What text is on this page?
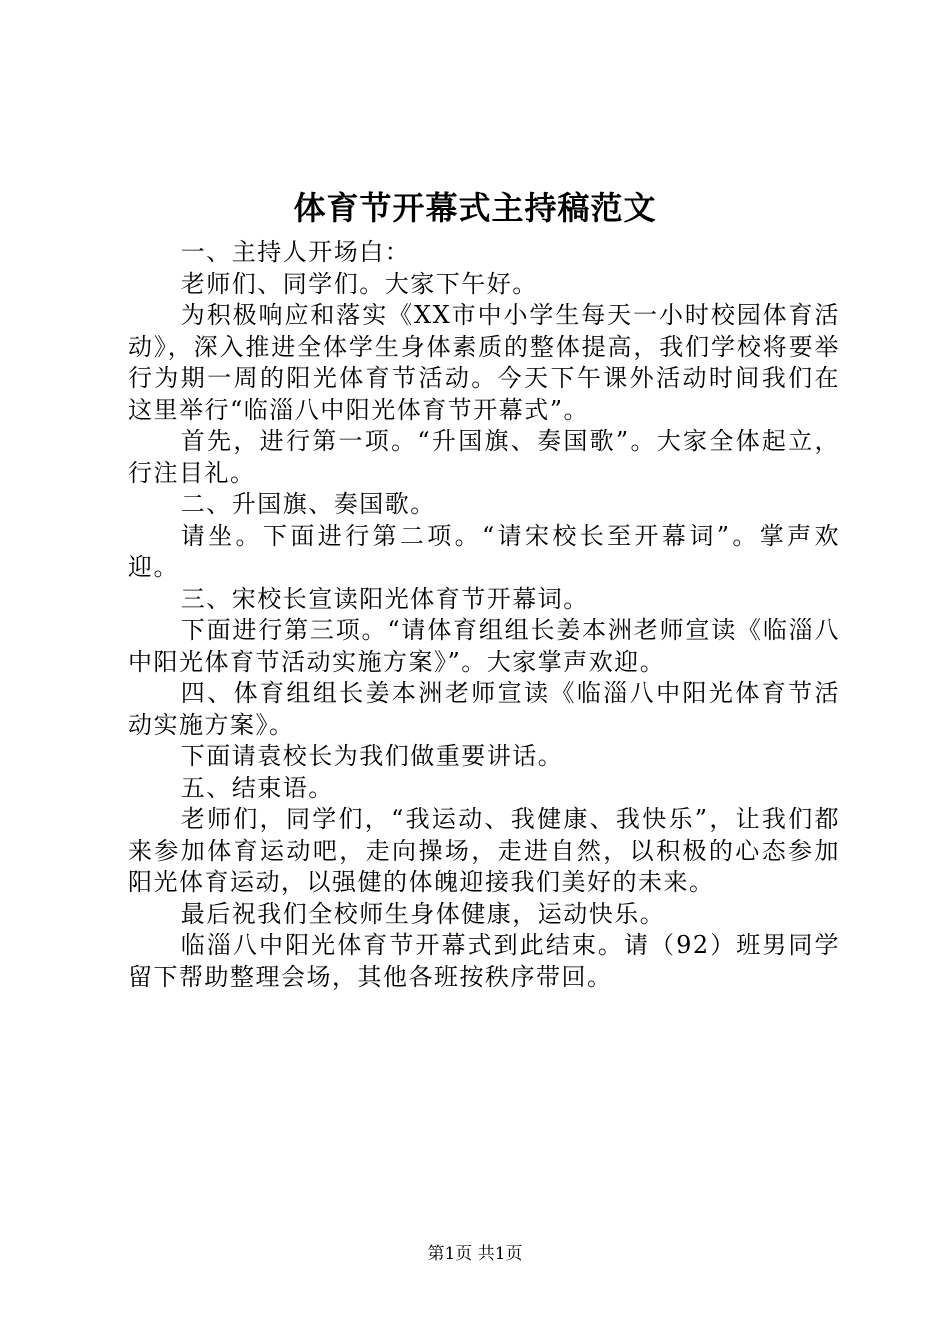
体育节开幕式主持稿范文

一、主持人开场白：

老师们、同学们。大家下午好。

为积极响应和落实《XX市中小学生每天一小时校园体育活动》，深入推进全体学生身体素质的整体提高，我们学校将要举行为期一周的阳光体育节活动。今天下午课外活动时间我们在这里举行“临淄八中阳光体育节开幕式”。

首先，进行第一项。“升国旗、奏国歌”。大家全体起立，行注目礼。

二、升国旗、奏国歌。

请坐。下面进行第二项。“请宋校长至开幕词”。掌声欢迎。

三、宋校长宣读阳光体育节开幕词。

下面进行第三项。“请体育组组长姜本洲老师宣读《临淄八中阳光体育节活动实施方案》”。大家掌声欢迎。

四、体育组组长姜本洲老师宣读《临淄八中阳光体育节活动实施方案》。

下面请袁校长为我们做重要讲话。

五、结束语。

老师们，同学们，“我运动、我健康、我快乐”，让我们都来参加体育运动吧，走向操场，走进自然，以积极的心态参加阳光体育运动，以强健的体魄迎接我们美好的未来。

最后祝我们全校师生身体健康，运动快乐。

临淄八中阳光体育节开幕式到此结束。请（92）班男同学留下帮助整理会场，其他各班按秩序带回。

第1页 共1页
